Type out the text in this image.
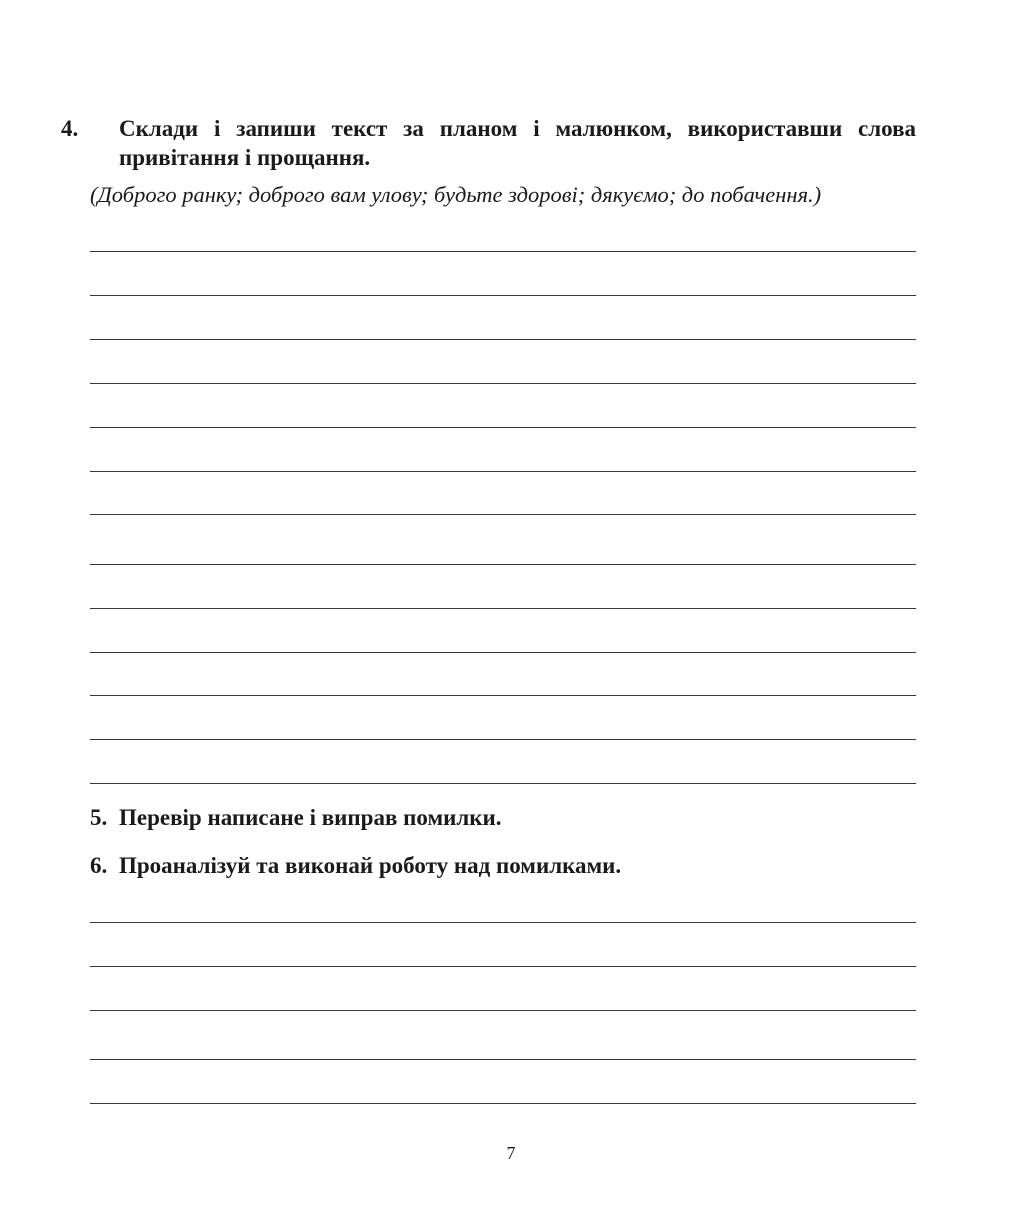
4. Склади і запиши текст за планом і малюнком, використавши слова привітання і прощання.
(Доброго ранку; доброго вам улову; будьте здорові; дякуємо; до побачення.)
5. Перевір написане і виправ помилки.
6. Проаналізуй та виконай роботу над помилками.
7
